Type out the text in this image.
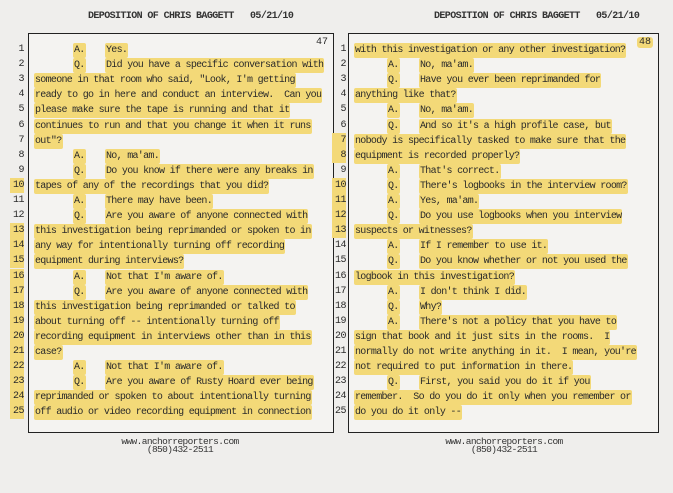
DEPOSITION OF CHRIS BAGGETT   05/21/10	DEPOSITION OF CHRIS BAGGETT   05/21/10
47
A. Yes.
Q. Did you have a specific conversation with
someone in that room who said, "Look, I'm getting
ready to go in here and conduct an interview.  Can you
please make sure the tape is running and that it
continues to run and that you change it when it runs
out"?
A. No, ma'am.
Q. Do you know if there were any breaks in
tapes of any of the recordings that you did?
A. There may have been.
Q. Are you aware of anyone connected with
this investigation being reprimanded or spoken to in
any way for intentionally turning off recording
equipment during interviews?
A. Not that I'm aware of.
Q. Are you aware of anyone connected with
this investigation being reprimanded or talked to
about turning off -- intentionally turning off
recording equipment in interviews other than in this
case?
A. Not that I'm aware of.
Q. Are you aware of Rusty Hoard ever being
reprimanded or spoken to about intentionally turning
off audio or video recording equipment in connection
48
with this investigation or any other investigation?
A. No, ma'am.
Q. Have you ever been reprimanded for
anything like that?
A. No, ma'am.
Q. And so it's a high profile case, but
nobody is specifically tasked to make sure that the
equipment is recorded properly?
A. That's correct.
Q. There's logbooks in the interview room?
A. Yes, ma'am.
Q. Do you use logbooks when you interview
suspects or witnesses?
A. If I remember to use it.
Q. Do you know whether or not you used the
logbook in this investigation?
A. I don't think I did.
Q. Why?
A. There's not a policy that you have to
sign that book and it just sits in the rooms.  I
normally do not write anything in it.  I mean, you're
not required to put information in there.
Q. First, you said you do it if you
remember.  So do you do it only when you remember or
do you do it only --
www.anchorreporters.com
(850)432-2511
www.anchorreporters.com
(850)432-2511
1
2
3
4
5
6
7
8
9
10
11
12
13
14
15
16
17
18
19
20
21
22
23
24
25
1
2
3
4
5
6
7
8
9
10
11
12
13
14
15
16
17
18
19
20
21
22
23
24
25
